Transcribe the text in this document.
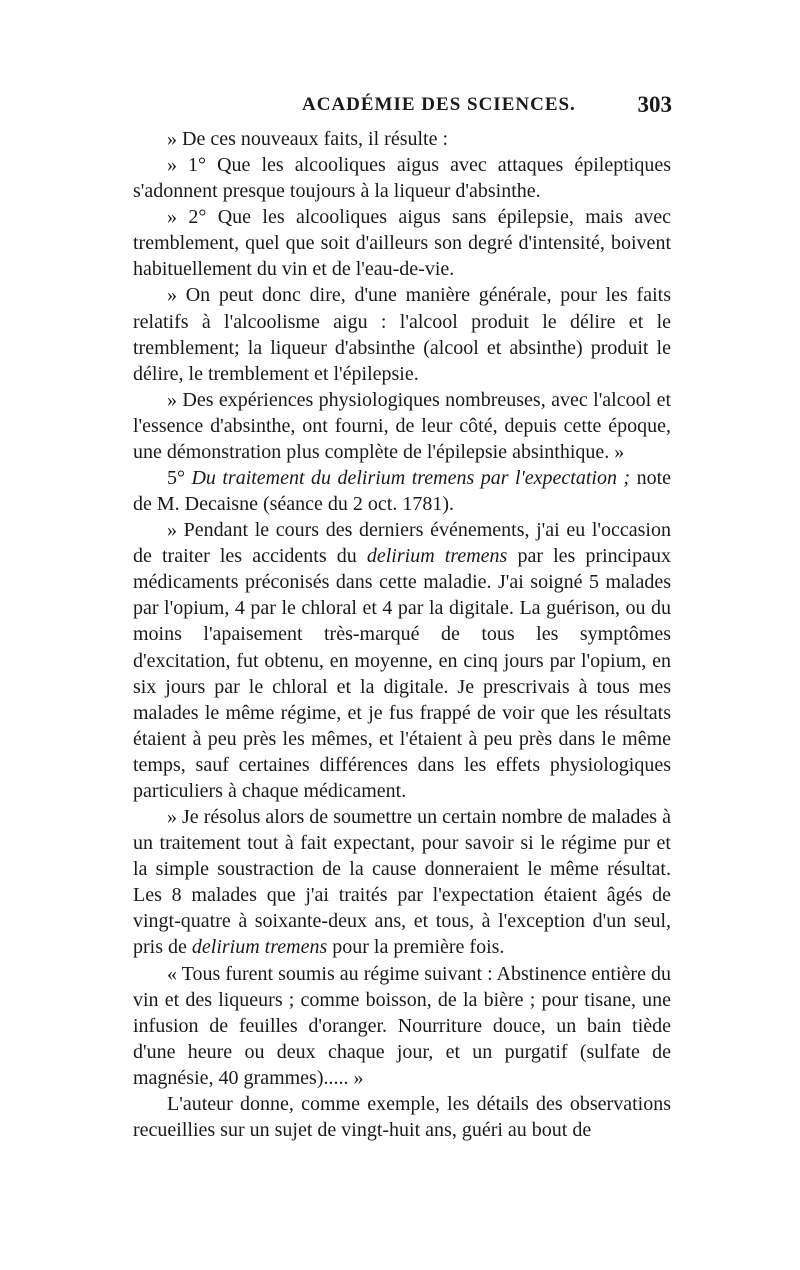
ACADÉMIE DES SCIENCES.	303

» De ces nouveaux faits, il résulte :

» 1° Que les alcooliques aigus avec attaques épileptiques s'adonnent presque toujours à la liqueur d'absinthe.

» 2° Que les alcooliques aigus sans épilepsie, mais avec tremblement, quel que soit d'ailleurs son degré d'intensité, boivent habituellement du vin et de l'eau-de-vie.

» On peut donc dire, d'une manière générale, pour les faits relatifs à l'alcoolisme aigu : l'alcool produit le délire et le tremblement; la liqueur d'absinthe (alcool et absinthe) produit le délire, le tremblement et l'épilepsie.

» Des expériences physiologiques nombreuses, avec l'alcool et l'essence d'absinthe, ont fourni, de leur côté, depuis cette époque, une démonstration plus complète de l'épilepsie absinthique. »

5° Du traitement du delirium tremens par l'expectation ; note de M. Decaisne (séance du 2 oct. 1781).

» Pendant le cours des derniers événements, j'ai eu l'occasion de traiter les accidents du delirium tremens par les principaux médicaments préconisés dans cette maladie. J'ai soigné 5 malades par l'opium, 4 par le chloral et 4 par la digitale. La guérison, ou du moins l'apaisement très-marqué de tous les symptômes d'excitation, fut obtenu, en moyenne, en cinq jours par l'opium, en six jours par le chloral et la digitale. Je prescrivais à tous mes malades le même régime, et je fus frappé de voir que les résultats étaient à peu près les mêmes, et l'étaient à peu près dans le même temps, sauf certaines différences dans les effets physiologiques particuliers à chaque médicament.

» Je résolus alors de soumettre un certain nombre de malades à un traitement tout à fait expectant, pour savoir si le régime pur et la simple soustraction de la cause donneraient le même résultat. Les 8 malades que j'ai traités par l'expectation étaient âgés de vingt-quatre à soixante-deux ans, et tous, à l'exception d'un seul, pris de delirium tremens pour la première fois.

« Tous furent soumis au régime suivant : Abstinence entière du vin et des liqueurs ; comme boisson, de la bière ; pour tisane, une infusion de feuilles d'oranger. Nourriture douce, un bain tiède d'une heure ou deux chaque jour, et un purgatif (sulfate de magnésie, 40 grammes)..... »

L'auteur donne, comme exemple, les détails des observations recueillies sur un sujet de vingt-huit ans, guéri au bout de
